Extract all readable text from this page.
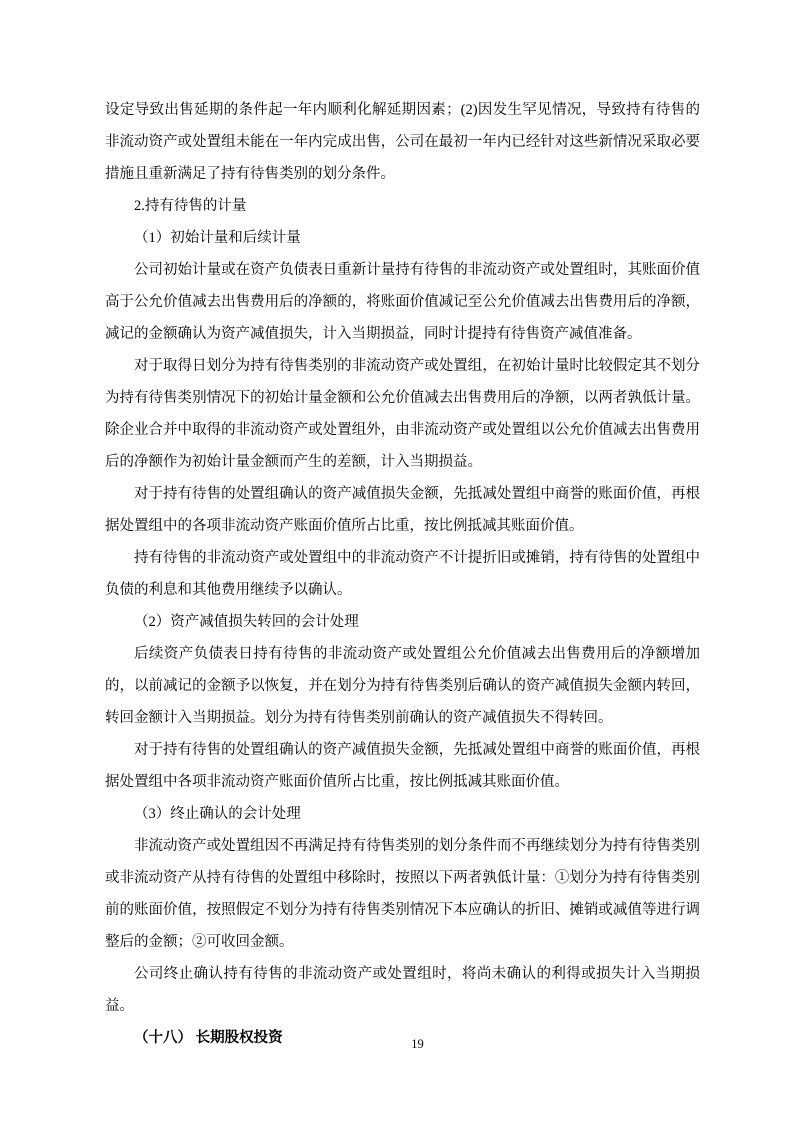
设定导致出售延期的条件起一年内顺利化解延期因素；(2)因发生罕见情况，导致持有待售的非流动资产或处置组未能在一年内完成出售，公司在最初一年内已经针对这些新情况采取必要措施且重新满足了持有待售类别的划分条件。

2.持有待售的计量

（1）初始计量和后续计量

公司初始计量或在资产负债表日重新计量持有待售的非流动资产或处置组时，其账面价值高于公允价值减去出售费用后的净额的，将账面价值减记至公允价值减去出售费用后的净额，减记的金额确认为资产减值损失，计入当期损益，同时计提持有待售资产减值准备。

对于取得日划分为持有待售类别的非流动资产或处置组，在初始计量时比较假定其不划分为持有待售类别情况下的初始计量金额和公允价值减去出售费用后的净额，以两者孰低计量。除企业合并中取得的非流动资产或处置组外，由非流动资产或处置组以公允价值减去出售费用后的净额作为初始计量金额而产生的差额，计入当期损益。

对于持有待售的处置组确认的资产减值损失金额，先抵减处置组中商誉的账面价值，再根据处置组中的各项非流动资产账面价值所占比重，按比例抵减其账面价值。

持有待售的非流动资产或处置组中的非流动资产不计提折旧或摊销，持有待售的处置组中负债的利息和其他费用继续予以确认。

（2）资产减值损失转回的会计处理

后续资产负债表日持有待售的非流动资产或处置组公允价值减去出售费用后的净额增加的，以前减记的金额予以恢复，并在划分为持有待售类别后确认的资产减值损失金额内转回，转回金额计入当期损益。划分为持有待售类别前确认的资产减值损失不得转回。

对于持有待售的处置组确认的资产减值损失金额，先抵减处置组中商誉的账面价值，再根据处置组中各项非流动资产账面价值所占比重，按比例抵减其账面价值。

（3）终止确认的会计处理

非流动资产或处置组因不再满足持有待售类别的划分条件而不再继续划分为持有待售类别或非流动资产从持有待售的处置组中移除时，按照以下两者孰低计量：①划分为持有待售类别前的账面价值，按照假定不划分为持有待售类别情况下本应确认的折旧、摊销或减值等进行调整后的金额；②可收回金额。

公司终止确认持有待售的非流动资产或处置组时，将尚未确认的利得或损失计入当期损益。

（十八） 长期股权投资	19
